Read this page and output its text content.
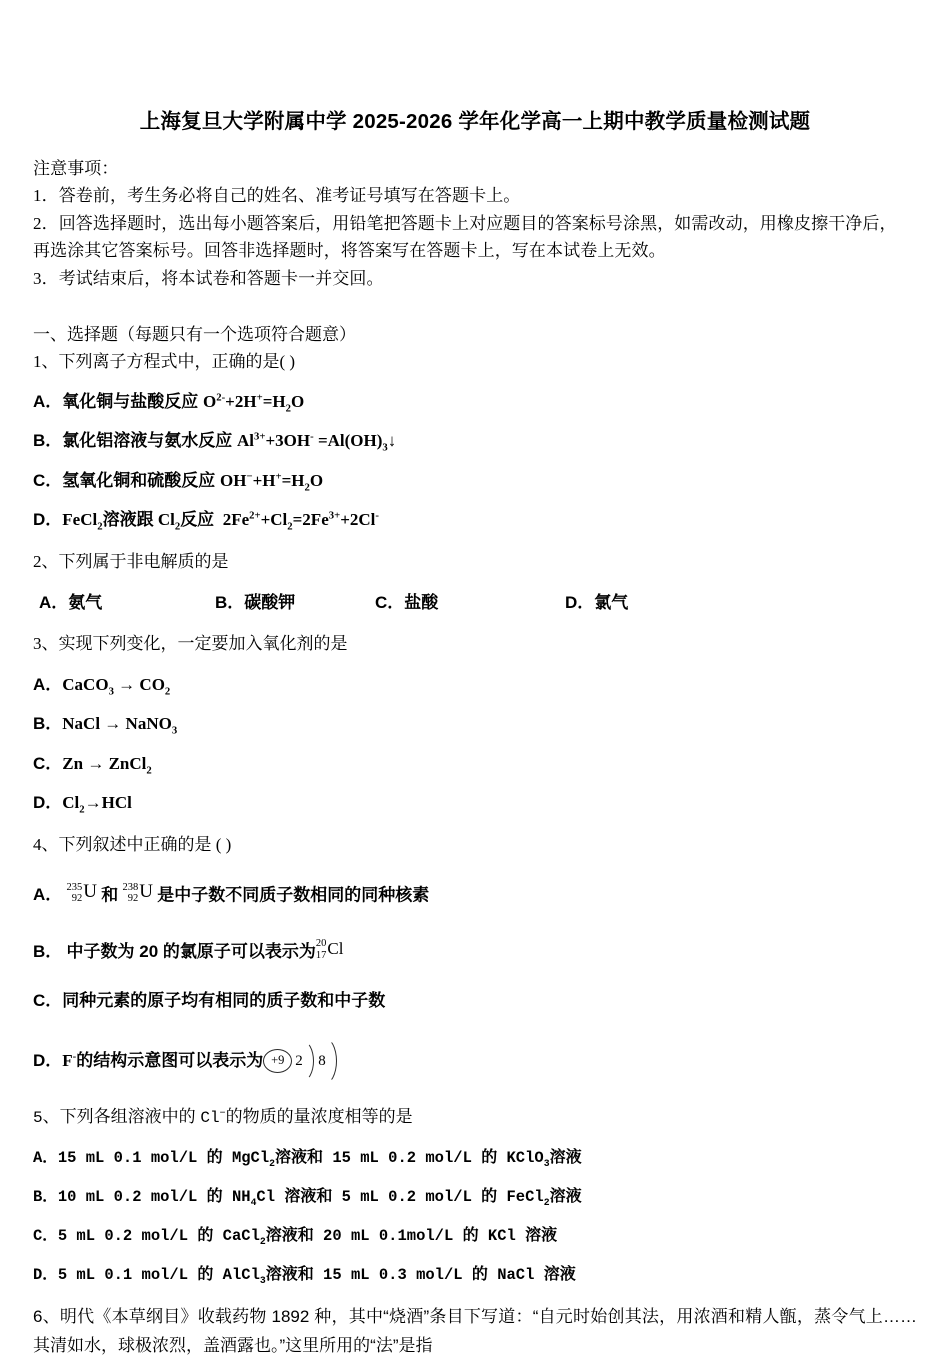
上海复旦大学附属中学 2025-2026 学年化学高一上期中教学质量检测试题

注意事项：

1．答卷前，考生务必将自己的姓名、准考证号填写在答题卡上。

2．回答选择题时，选出每小题答案后，用铅笔把答题卡上对应题目的答案标号涂黑，如需改动，用橡皮擦干净后，

再选涂其它答案标号。回答非选择题时，将答案写在答题卡上，写在本试卷上无效。

3．考试结束后，将本试卷和答题卡一并交回。

一、选择题（每题只有一个选项符合题意）

1、下列离子方程式中，正确的是( )

A．氧化铜与盐酸反应 $O^{2-}+2H^+=H_2O$

B．氯化铝溶液与氨水反应 $Al^{3+}+3OH^-$ $=Al(OH)_3↓$

C．氢氧化铜和硫酸反应 $OH^-+H^+=H_2O$

D．FeCl$_2$溶液跟 $Cl_2$反应  $2Fe^{2+}+Cl_2=2Fe^{3+}+2Cl^-$

2、下列属于非电解质的是

A．氨气	B．碳酸钾	C．盐酸	D．氯气

3、实现下列变化，一定要加入氧化剂的是

A．CaCO$_3$ → $CO_2$

B．NaCl → NaNO$_3$

C．Zn → ZnCl$_2$

D．$Cl_2\to HCl$

4、下列叙述中正确的是 ( )

A． 235
92 U 和 238
92 U 是中子数不同质子数相同的同种核素

B． 中子数为 20 的氯原子可以表示为 20
17 Cl

C．同种元素的原子均有相同的质子数和中子数

D．F-的结构示意图可以表示为 +9 2 8

5、下列各组溶液中的 Cl−的物质的量浓度相等的是

A．15 mL 0.1 mol/L 的 MgCl$_2$溶液和 15 mL 0.2 mol/L 的 KClO$_3$溶液

B．10 mL 0.2 mol/L 的 $NH_4Cl$ 溶液和 5 mL 0.2 mol/L 的 FeCl$_2$溶液

C．5 mL 0.2 mol/L 的 CaCl$_2$溶液和 20 mL 0.1mol/L 的 KCl 溶液

D．5 mL 0.1 mol/L 的 AlCl$_3$溶液和 15 mL 0.3 mol/L 的 NaCl 溶液

6、明代《本草纲目》收载药物 1892 种，其中“烧酒”条目下写道：“自元时始创其法，用浓酒和精人甑，蒸令气上……其清如水，球极浓烈，盖酒露也。”这里所用的“法”是指
